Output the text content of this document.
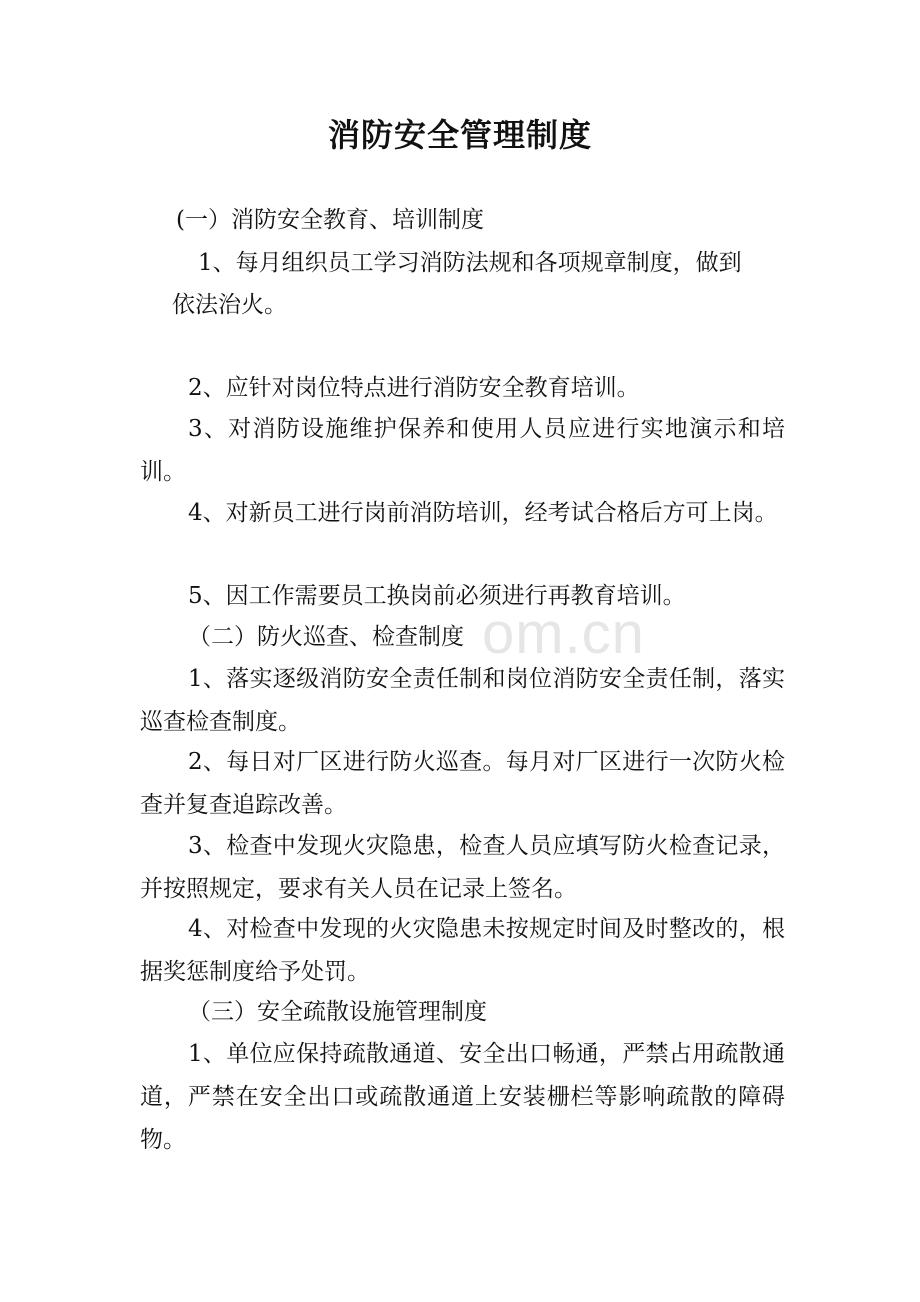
消防安全管理制度

(一）消防安全教育、培训制度

1、每月组织员工学习消防法规和各项规章制度，做到

依法治火。

2、应针对岗位特点进行消防安全教育培训。

3、对消防设施维护保养和使用人员应进行实地演示和培训。

4、对新员工进行岗前消防培训，经考试合格后方可上岗。

5、因工作需要员工换岗前必须进行再教育培训。

（二）防火巡查、检查制度

1、落实逐级消防安全责任制和岗位消防安全责任制，落实巡查检查制度。

2、每日对厂区进行防火巡查。每月对厂区进行一次防火检查并复查追踪改善。

3、检查中发现火灾隐患，检查人员应填写防火检查记录，并按照规定，要求有关人员在记录上签名。

4、对检查中发现的火灾隐患未按规定时间及时整改的，根据奖惩制度给予处罚。

（三）安全疏散设施管理制度

1、单位应保持疏散通道、安全出口畅通，严禁占用疏散通道，严禁在安全出口或疏散通道上安装栅栏等影响疏散的障碍物。

om.cn
